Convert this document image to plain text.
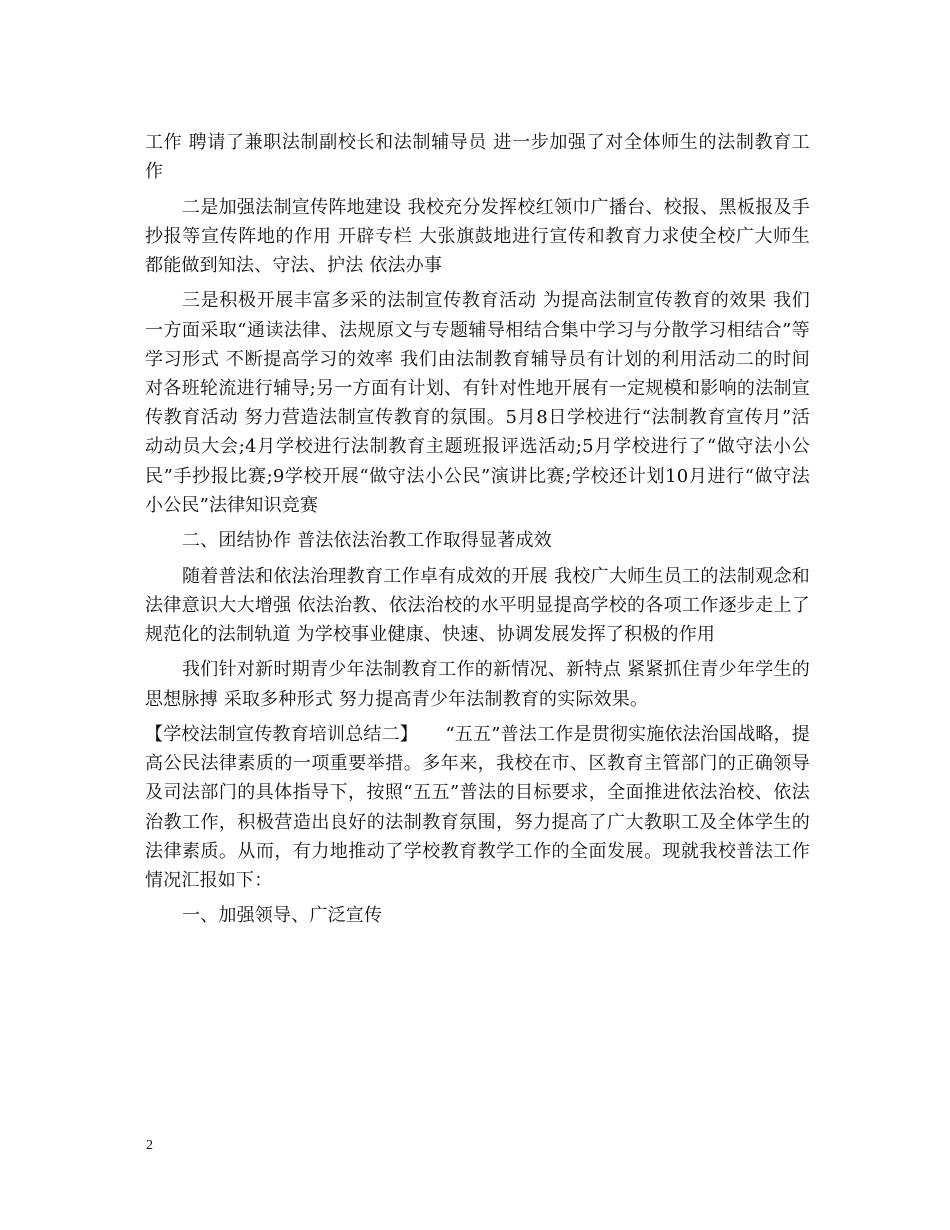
工作 聘请了兼职法制副校长和法制辅导员 进一步加强了对全体师生的法制教育工作

二是加强法制宣传阵地建设 我校充分发挥校红领巾广播台、校报、黑板报及手抄报等宣传阵地的作用 开辟专栏 大张旗鼓地进行宣传和教育力求使全校广大师生都能做到知法、守法、护法 依法办事

三是积极开展丰富多采的法制宣传教育活动 为提高法制宣传教育的效果 我们一方面采取“通读法律、法规原文与专题辅导相结合集中学习与分散学习相结合”等学习形式 不断提高学习的效率 我们由法制教育辅导员有计划的利用活动二的时间 对各班轮流进行辅导;另一方面有计划、有针对性地开展有一定规模和影响的法制宣传教育活动 努力营造法制宣传教育的氛围。5月8日学校进行“法制教育宣传月”活动动员大会;4月学校进行法制教育主题班报评选活动;5月学校进行了“做守法小公民”手抄报比赛;9学校开展“做守法小公民”演讲比赛;学校还计划10月进行“做守法小公民”法律知识竞赛

二、团结协作 普法依法治教工作取得显著成效

随着普法和依法治理教育工作卓有成效的开展 我校广大师生员工的法制观念和法律意识大大增强 依法治教、依法治校的水平明显提高学校的各项工作逐步走上了规范化的法制轨道 为学校事业健康、快速、协调发展发挥了积极的作用

我们针对新时期青少年法制教育工作的新情况、新特点 紧紧抓住青少年学生的思想脉搏 采取多种形式 努力提高青少年法制教育的实际效果。

【学校法制宣传教育培训总结二】　　“五五”普法工作是贯彻实施依法治国战略，提高公民法律素质的一项重要举措。多年来，我校在市、区教育主管部门的正确领导及司法部门的具体指导下，按照“五五”普法的目标要求，全面推进依法治校、依法治教工作，积极营造出良好的法制教育氛围，努力提高了广大教职工及全体学生的法律素质。从而，有力地推动了学校教育教学工作的全面发展。现就我校普法工作情况汇报如下：

一、加强领导、广泛宣传

2
